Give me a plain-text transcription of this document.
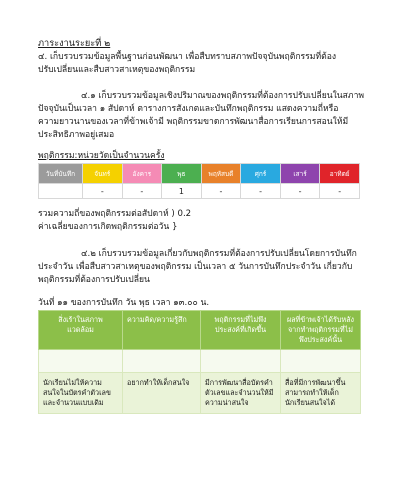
ภาระงานระยะที่ ๒
๔. เก็บรวบรวมข้อมูลพื้นฐานก่อนพัฒนา เพื่อสืบทราบสภาพปัจจุบันพฤติกรรมที่ต้อง
ปรับเปลี่ยนและสืบสาวสาเหตุของพฤติกรรม
๔.๑ เก็บรวบรวมข้อมูลเชิงปริมาณของพฤติกรรมที่ต้องการปรับเปลี่ยนในสภาพ
ปัจจุบันเป็นเวลา ๑ สัปดาห์ ตารางการสังเกตและบันทึกพฤติกรรม แสดงความถี่หรือ
ความยาวนานของเวลาที่ข้าพเจ้ามี พฤติกรรมขาดการพัฒนาสื่อการเรียนการสอนให้มี
ประสิทธิภาพอยู่เสมอ
พฤติกรรม:หน่วยวัดเป็นจำนวนครั้ง
วันที่บันทึก	จันทร์	อังคาร	พุธ	พฤหัสบดี	ศุกร์	เสาร์	อาทิตย์
	-	-	1	-	-	-	-
รวมความถี่ของพฤติกรรมต่อสัปดาห์ ) 0.2
ค่าเฉลี่ยของการเกิดพฤติกรรมต่อวัน }
๔.๒ เก็บรวบรวมข้อมูลเกี่ยวกับพฤติกรรมที่ต้องการปรับเปลี่ยนโดยการบันทึก
ประจำวัน เพื่อสืบสาวสาเหตุของพฤติกรรม เป็นเวลา ๕ วันการบันทึกประจำวัน เกี่ยวกับ
พฤติกรรมที่ต้องการปรับเปลี่ยน
วันที่ ๑๑ ของการบันทึก วัน พุธ เวลา ๑๓.๐๐ น.
สิ่งเร้าในสภาพ
แวดล้อม	ความคิด/ความรู้สึก	พฤติกรรมที่ไม่พึง
ประสงค์ที่เกิดขึ้น	ผลที่ข้าพเจ้าได้รับหลัง
จากทำพฤติกรรมที่ไม่
พึงประสงค์นั้น

นักเรียนไม่ให้ความ
สนใจในบัตรคำตัวเลข
และจำนวนแบบเดิม	อยากทำให้เด็กสนใจ	มีการพัฒนาสื่อบัตรคำ
ตัวเลขและจำนวนให้มี
ความน่าสนใจ	สื่อที่มีการพัฒนาขึ้น
สามารถทำให้เด็ก
นักเรียนสนใจได้
